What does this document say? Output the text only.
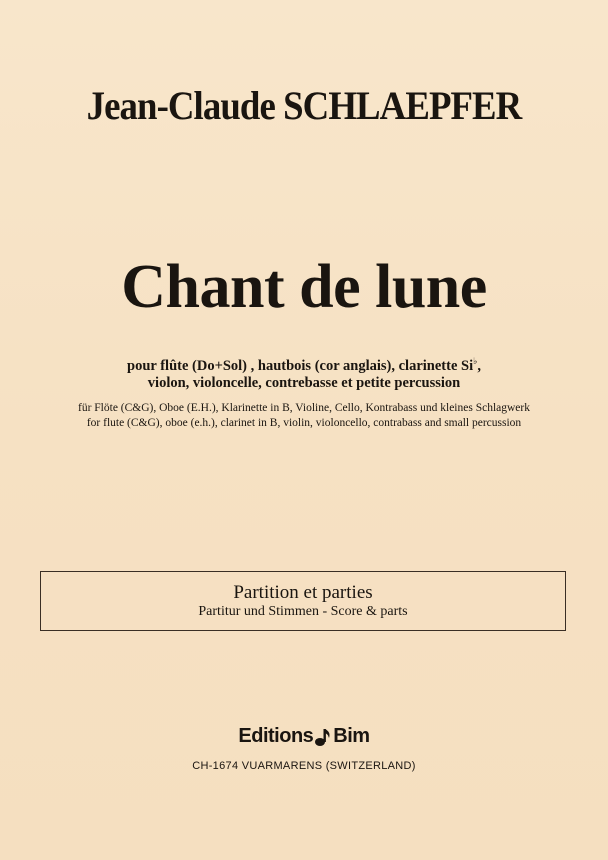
Jean-Claude SCHLAEPFER
Chant de lune
pour flûte (Do+Sol) , hautbois (cor anglais), clarinette Si♭,
violon, violoncelle, contrebasse et petite percussion
für Flöte (C&G), Oboe (E.H.), Klarinette in B, Violine, Cello, Kontrabass und kleines Schlagwerk
for flute (C&G), oboe (e.h.), clarinet in B, violin, violoncello, contrabass and small percussion
Partition et parties
Partitur und Stimmen - Score & parts
Editions Bim
CH-1674 VUARMARENS (SWITZERLAND)
